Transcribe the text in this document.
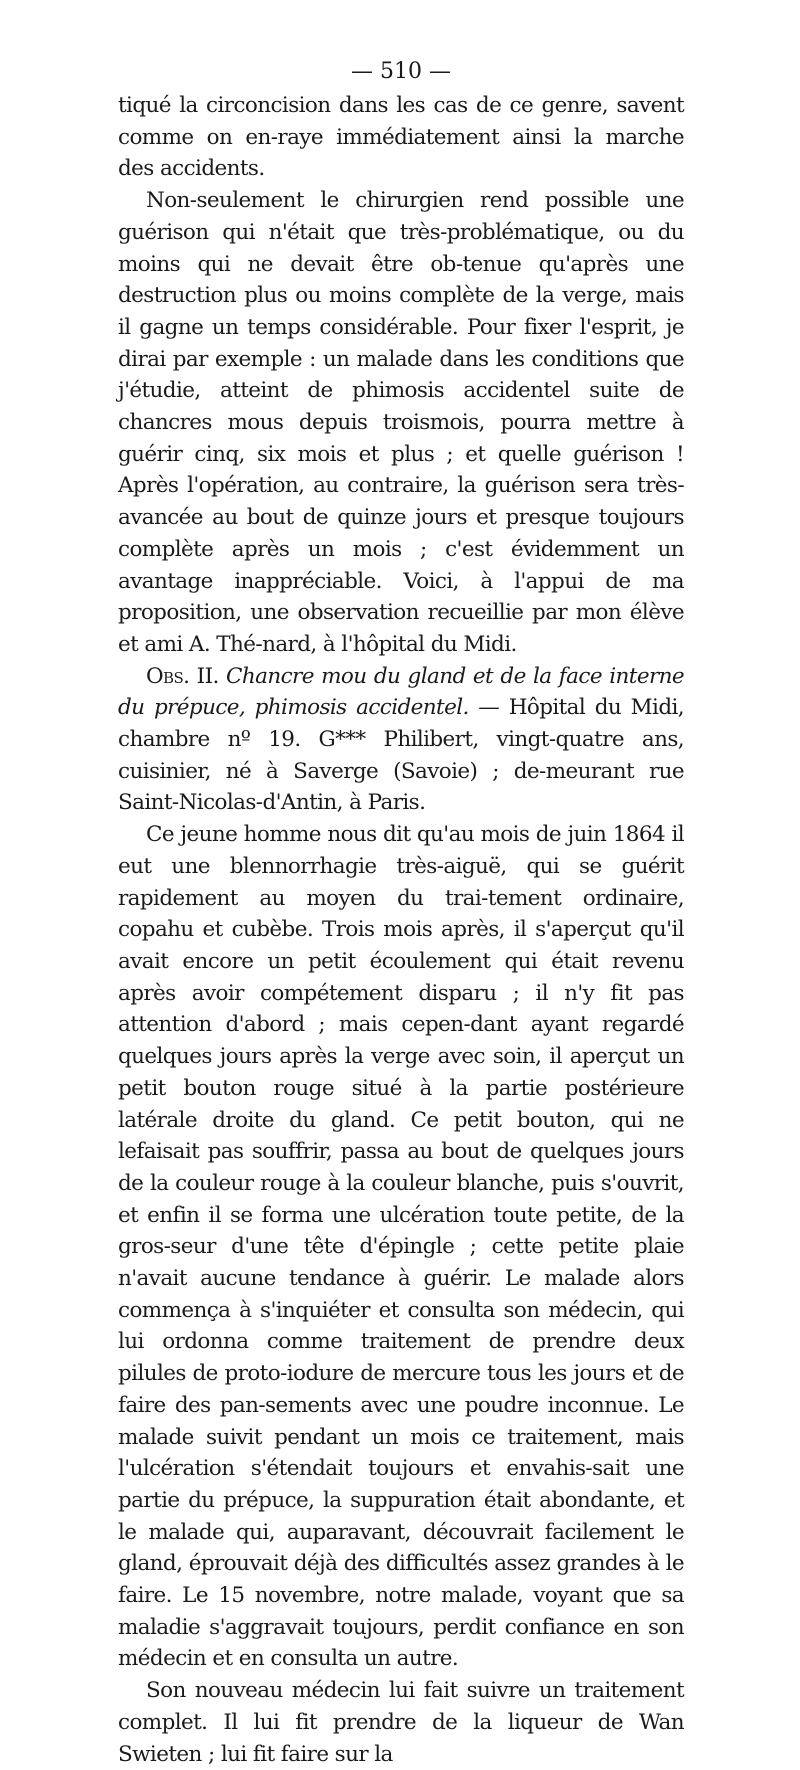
— 510 —

tiqué la circoncision dans les cas de ce genre, savent comme on en-raye immédiatement ainsi la marche des accidents.

Non-seulement le chirurgien rend possible une guérison qui n'était que très-problématique, ou du moins qui ne devait être ob-tenue qu'après une destruction plus ou moins complète de la verge, mais il gagne un temps considérable. Pour fixer l'esprit, je dirai par exemple : un malade dans les conditions que j'étudie, atteint de phimosis accidentel suite de chancres mous depuis troismois, pourra mettre à guérir cinq, six mois et plus ; et quelle guérison ! Après l'opération, au contraire, la guérison sera très-avancée au bout de quinze jours et presque toujours complète après un mois ; c'est évidemment un avantage inappréciable. Voici, à l'appui de ma proposition, une observation recueillie par mon élève et ami A. Thé-nard, à l'hôpital du Midi.

Obs. II. Chancre mou du gland et de la face interne du prépuce, phimosis accidentel. — Hôpital du Midi, chambre nº 19. G*** Philibert, vingt-quatre ans, cuisinier, né à Saverge (Savoie) ; de-meurant rue Saint-Nicolas-d'Antin, à Paris.

Ce jeune homme nous dit qu'au mois de juin 1864 il eut une blennorrhagie très-aiguë, qui se guérit rapidement au moyen du trai-tement ordinaire, copahu et cubèbe. Trois mois après, il s'aperçut qu'il avait encore un petit écoulement qui était revenu après avoir compétement disparu ; il n'y fit pas attention d'abord ; mais cepen-dant ayant regardé quelques jours après la verge avec soin, il aperçut un petit bouton rouge situé à la partie postérieure latérale droite du gland. Ce petit bouton, qui ne lefaisait pas souffrir, passa au bout de quelques jours de la couleur rouge à la couleur blanche, puis s'ouvrit, et enfin il se forma une ulcération toute petite, de la gros-seur d'une tête d'épingle ; cette petite plaie n'avait aucune tendance à guérir. Le malade alors commença à s'inquiéter et consulta son médecin, qui lui ordonna comme traitement de prendre deux pilules de proto-iodure de mercure tous les jours et de faire des pan-sements avec une poudre inconnue. Le malade suivit pendant un mois ce traitement, mais l'ulcération s'étendait toujours et envahis-sait une partie du prépuce, la suppuration était abondante, et le malade qui, auparavant, découvrait facilement le gland, éprouvait déjà des difficultés assez grandes à le faire. Le 15 novembre, notre malade, voyant que sa maladie s'aggravait toujours, perdit confiance en son médecin et en consulta un autre.

Son nouveau médecin lui fait suivre un traitement complet. Il lui fit prendre de la liqueur de Wan Swieten ; lui fit faire sur la
